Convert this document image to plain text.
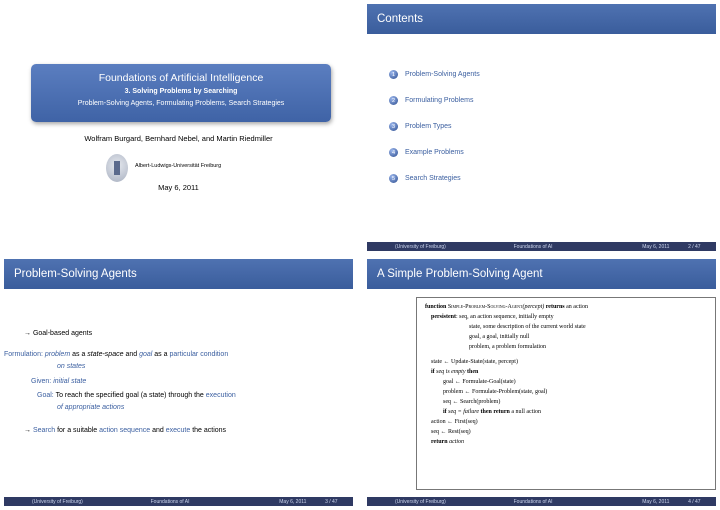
Foundations of Artificial Intelligence
3. Solving Problems by Searching
Problem-Solving Agents, Formulating Problems, Search Strategies
Wolfram Burgard, Bernhard Nebel, and Martin Riedmiller
Albert-Ludwigs-Universität Freiburg
May 6, 2011
Contents
1	Problem-Solving Agents
2	Formulating Problems
3	Problem Types
4	Example Problems
5	Search Strategies
(University of Freiburg)	Foundations of AI	May 6, 2011	2 / 47
Problem-Solving Agents
→ Goal-based agents
Formulation: problem as a state-space and goal as a particular condition
on states
Given: initial state
Goal: To reach the specified goal (a state) through the execution
of appropriate actions
→ Search for a suitable action sequence and execute the actions
(University of Freiburg)	Foundations of AI	May 6, 2011	3 / 47
A Simple Problem-Solving Agent
function Simple-Problem-Solving-Agent(percept) returns an action
persistent: seq, an action sequence, initially empty
state, some description of the current world state
goal, a goal, initially null
problem, a problem formulation
state ← Update-State(state, percept)
if seq is empty then
goal ← Formulate-Goal(state)
problem ← Formulate-Problem(state, goal)
seq ← Search(problem)
if seq = failure then return a null action
action ← First(seq)
seq ← Rest(seq)
return action
(University of Freiburg)	Foundations of AI	May 6, 2011	4 / 47
